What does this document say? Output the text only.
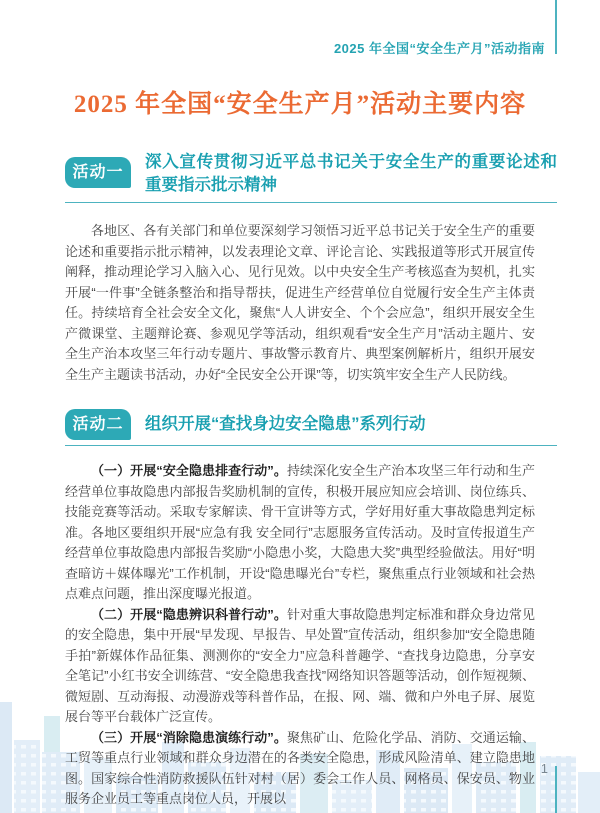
2025 年全国“安全生产月”活动指南
2025 年全国“安全生产月”活动主要内容
活动一
深入宣传贯彻习近平总书记关于安全生产的重要论述和重要指示批示精神

各地区、各有关部门和单位要深刻学习领悟习近平总书记关于安全生产的重要论述和重要指示批示精神，以发表理论文章、评论言论、实践报道等形式开展宣传阐释，推动理论学习入脑入心、见行见效。以中央安全生产考核巡查为契机，扎实开展“一件事”全链条整治和指导帮扶，促进生产经营单位自觉履行安全生产主体责任。持续培育全社会安全文化，聚焦“人人讲安全、个个会应急”，组织开展安全生产微课堂、主题辩论赛、参观见学等活动，组织观看“安全生产月”活动主题片、安全生产治本攻坚三年行动专题片、事故警示教育片、典型案例解析片，组织开展安全生产主题读书活动，办好“全民安全公开课”等，切实筑牢安全生产人民防线。

活动二	组织开展“查找身边安全隐患”系列行动

（一）开展“安全隐患排查行动”。持续深化安全生产治本攻坚三年行动和生产经营单位事故隐患内部报告奖励机制的宣传，积极开展应知应会培训、岗位练兵、技能竞赛等活动。采取专家解读、骨干宣讲等方式，学好用好重大事故隐患判定标准。各地区要组织开展“应急有我 安全同行”志愿服务宣传活动。及时宣传报道生产经营单位事故隐患内部报告奖励“小隐患小奖，大隐患大奖”典型经验做法。用好“明查暗访＋媒体曝光”工作机制，开设“隐患曝光台”专栏，聚焦重点行业领域和社会热点难点问题，推出深度曝光报道。

（二）开展“隐患辨识科普行动”。针对重大事故隐患判定标准和群众身边常见的安全隐患，集中开展“早发现、早报告、早处置”宣传活动，组织参加“安全隐患随手拍”新媒体作品征集、测测你的“安全力”应急科普趣学、“查找身边隐患，分享安全笔记”小红书安全训练营、“安全隐患我查找”网络知识答题等活动，创作短视频、微短剧、互动海报、动漫游戏等科普作品，在报、网、端、微和户外电子屏、展览展台等平台载体广泛宣传。

（三）开展“消除隐患演练行动”。聚焦矿山、危险化学品、消防、交通运输、工贸等重点行业领域和群众身边潜在的各类安全隐患，形成风险清单、建立隐患地图。国家综合性消防救援队伍针对村（居）委会工作人员、网格员、保安员、物业服务企业员工等重点岗位人员，开展以

1
